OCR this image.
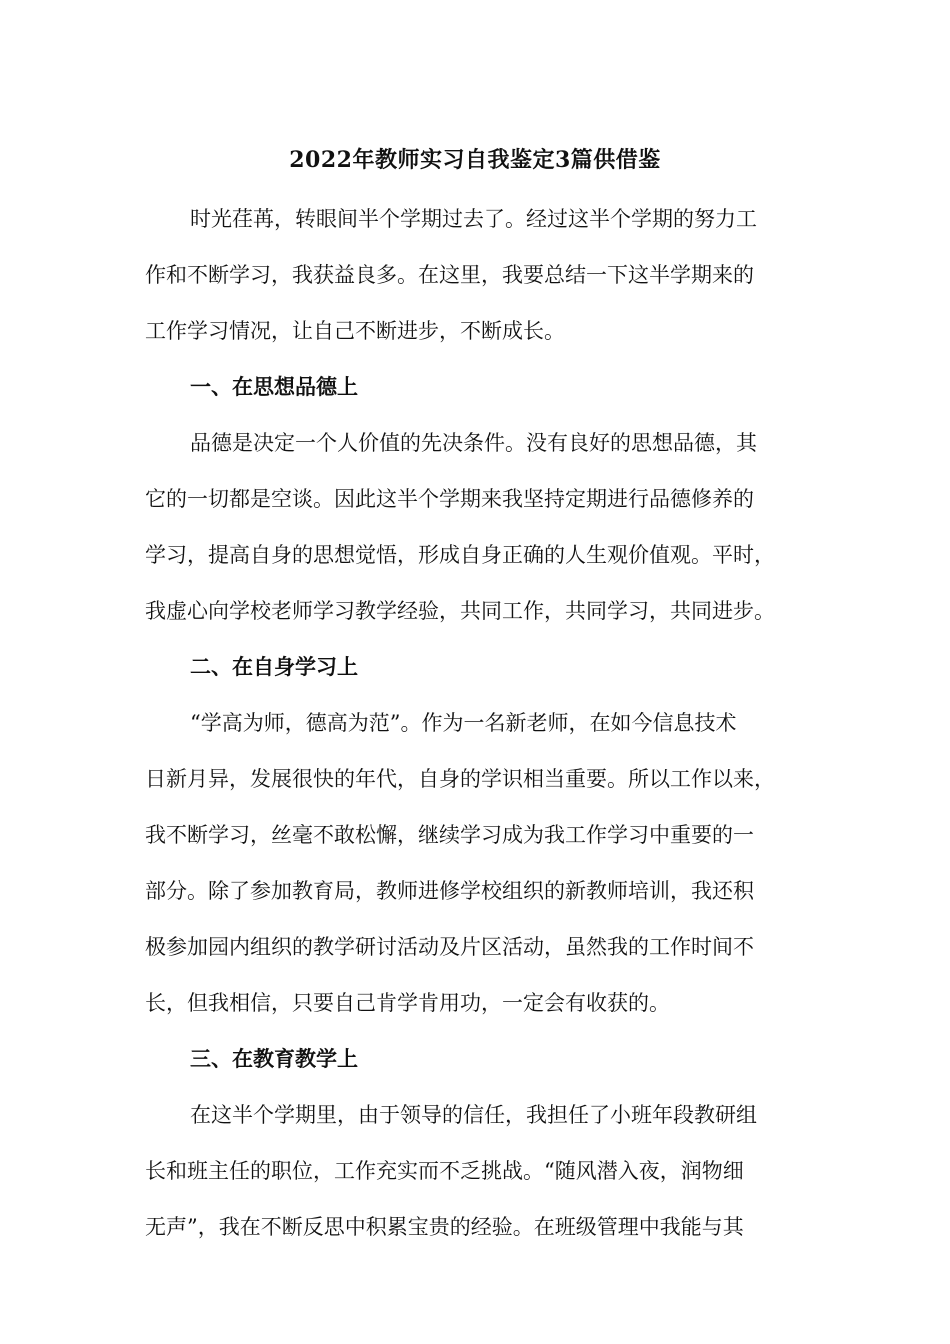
2022年教师实习自我鉴定3篇供借鉴
时光荏苒，转眼间半个学期过去了。经过这半个学期的努力工
作和不断学习，我获益良多。在这里，我要总结一下这半学期来的
工作学习情况，让自己不断进步，不断成长。
一、在思想品德上
品德是决定一个人价值的先决条件。没有良好的思想品德，其
它的一切都是空谈。因此这半个学期来我坚持定期进行品德修养的
学习，提高自身的思想觉悟，形成自身正确的人生观价值观。平时，
我虚心向学校老师学习教学经验，共同工作，共同学习，共同进步。
二、在自身学习上
“学高为师，德高为范”。作为一名新老师，在如今信息技术
日新月异，发展很快的年代，自身的学识相当重要。所以工作以来，
我不断学习，丝毫不敢松懈，继续学习成为我工作学习中重要的一
部分。除了参加教育局，教师进修学校组织的新教师培训，我还积
极参加园内组织的教学研讨活动及片区活动，虽然我的工作时间不
长，但我相信，只要自己肯学肯用功，一定会有收获的。
三、在教育教学上
在这半个学期里，由于领导的信任，我担任了小班年段教研组
长和班主任的职位，工作充实而不乏挑战。“随风潜入夜，润物细
无声”，我在不断反思中积累宝贵的经验。在班级管理中我能与其
